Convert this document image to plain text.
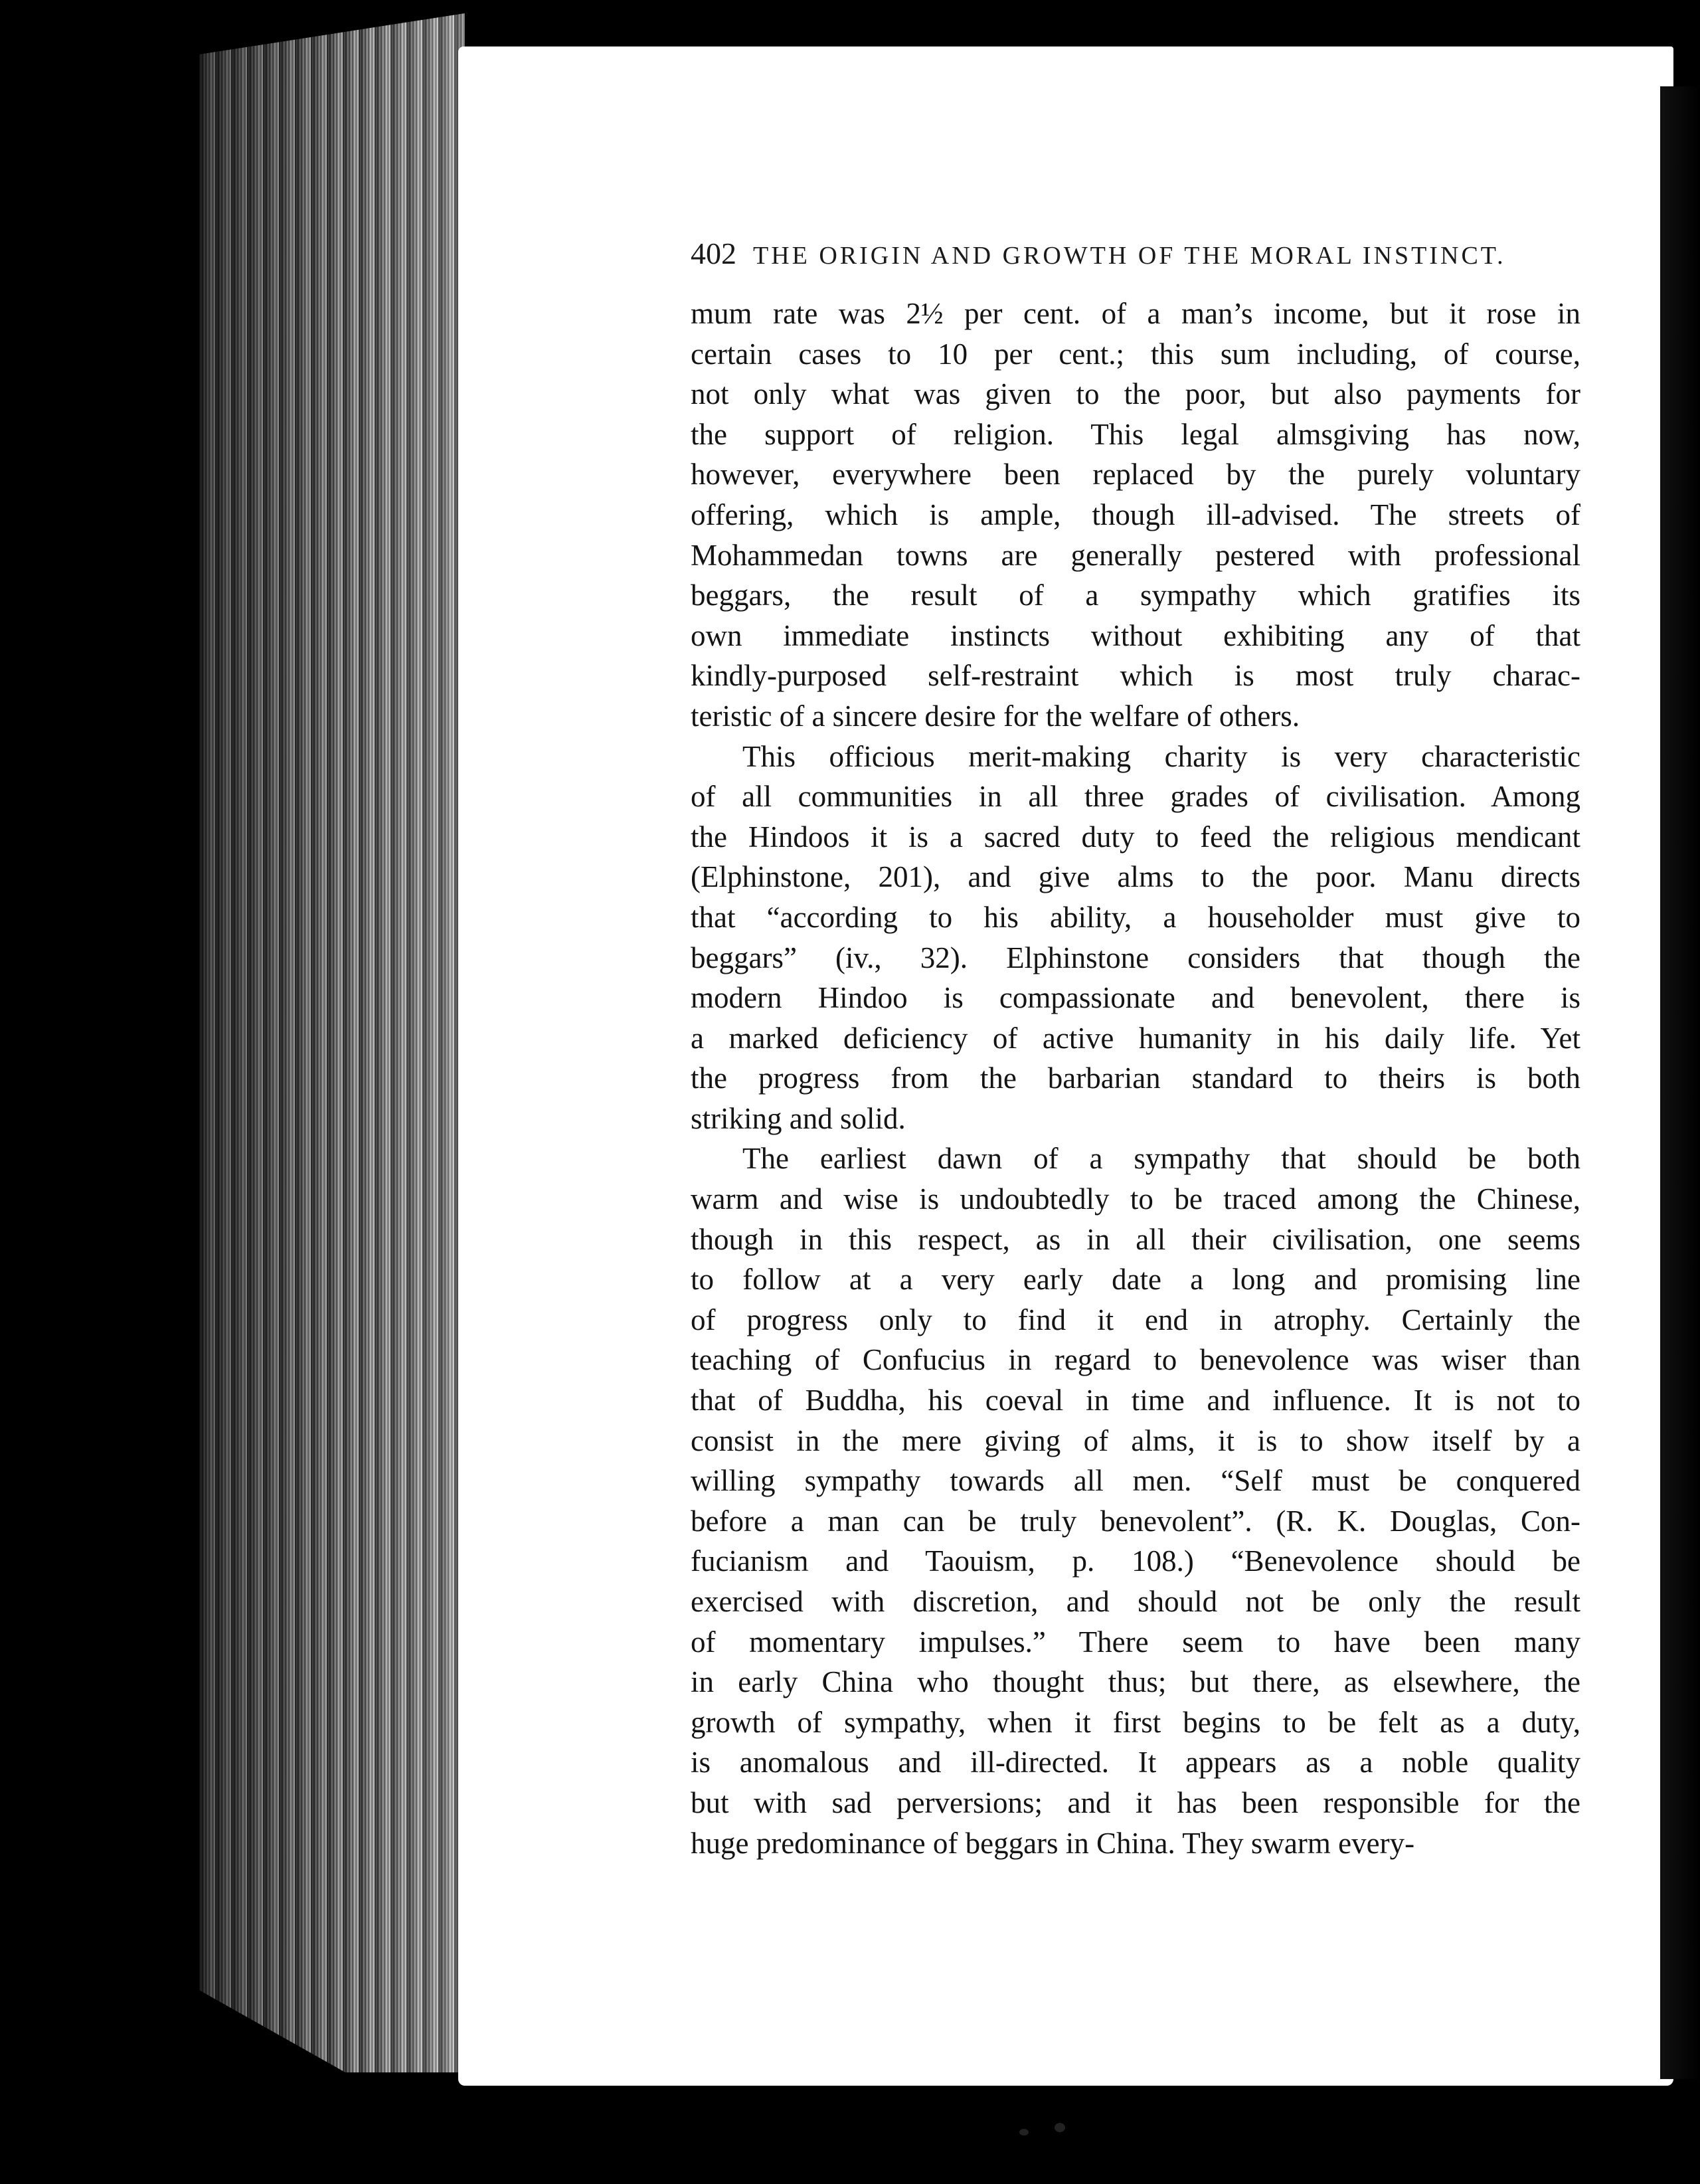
402 THE ORIGIN AND GROWTH OF THE MORAL INSTINCT.

mum rate was 2½ per cent. of a man’s income, but it rose in
certain cases to 10 per cent.; this sum including, of course,
not only what was given to the poor, but also payments for
the support of religion. This legal almsgiving has now,
however, everywhere been replaced by the purely voluntary
offering, which is ample, though ill-advised. The streets of
Mohammedan towns are generally pestered with professional
beggars, the result of a sympathy which gratifies its
own immediate instincts without exhibiting any of that
kindly-purposed self-restraint which is most truly charac-
teristic of a sincere desire for the welfare of others.

This officious merit-making charity is very characteristic
of all communities in all three grades of civilisation. Among
the Hindoos it is a sacred duty to feed the religious mendicant
(Elphinstone, 201), and give alms to the poor. Manu directs
that “according to his ability, a householder must give to
beggars” (iv., 32). Elphinstone considers that though the
modern Hindoo is compassionate and benevolent, there is
a marked deficiency of active humanity in his daily life. Yet
the progress from the barbarian standard to theirs is both
striking and solid.

The earliest dawn of a sympathy that should be both
warm and wise is undoubtedly to be traced among the Chinese,
though in this respect, as in all their civilisation, one seems
to follow at a very early date a long and promising line
of progress only to find it end in atrophy. Certainly the
teaching of Confucius in regard to benevolence was wiser than
that of Buddha, his coeval in time and influence. It is not to
consist in the mere giving of alms, it is to show itself by a
willing sympathy towards all men. “Self must be conquered
before a man can be truly benevolent”. (R. K. Douglas, Con-
fucianism and Taouism, p. 108.) “Benevolence should be
exercised with discretion, and should not be only the result
of momentary impulses.” There seem to have been many
in early China who thought thus; but there, as elsewhere, the
growth of sympathy, when it first begins to be felt as a duty,
is anomalous and ill-directed. It appears as a noble quality
but with sad perversions; and it has been responsible for the
huge predominance of beggars in China. They swarm every-
